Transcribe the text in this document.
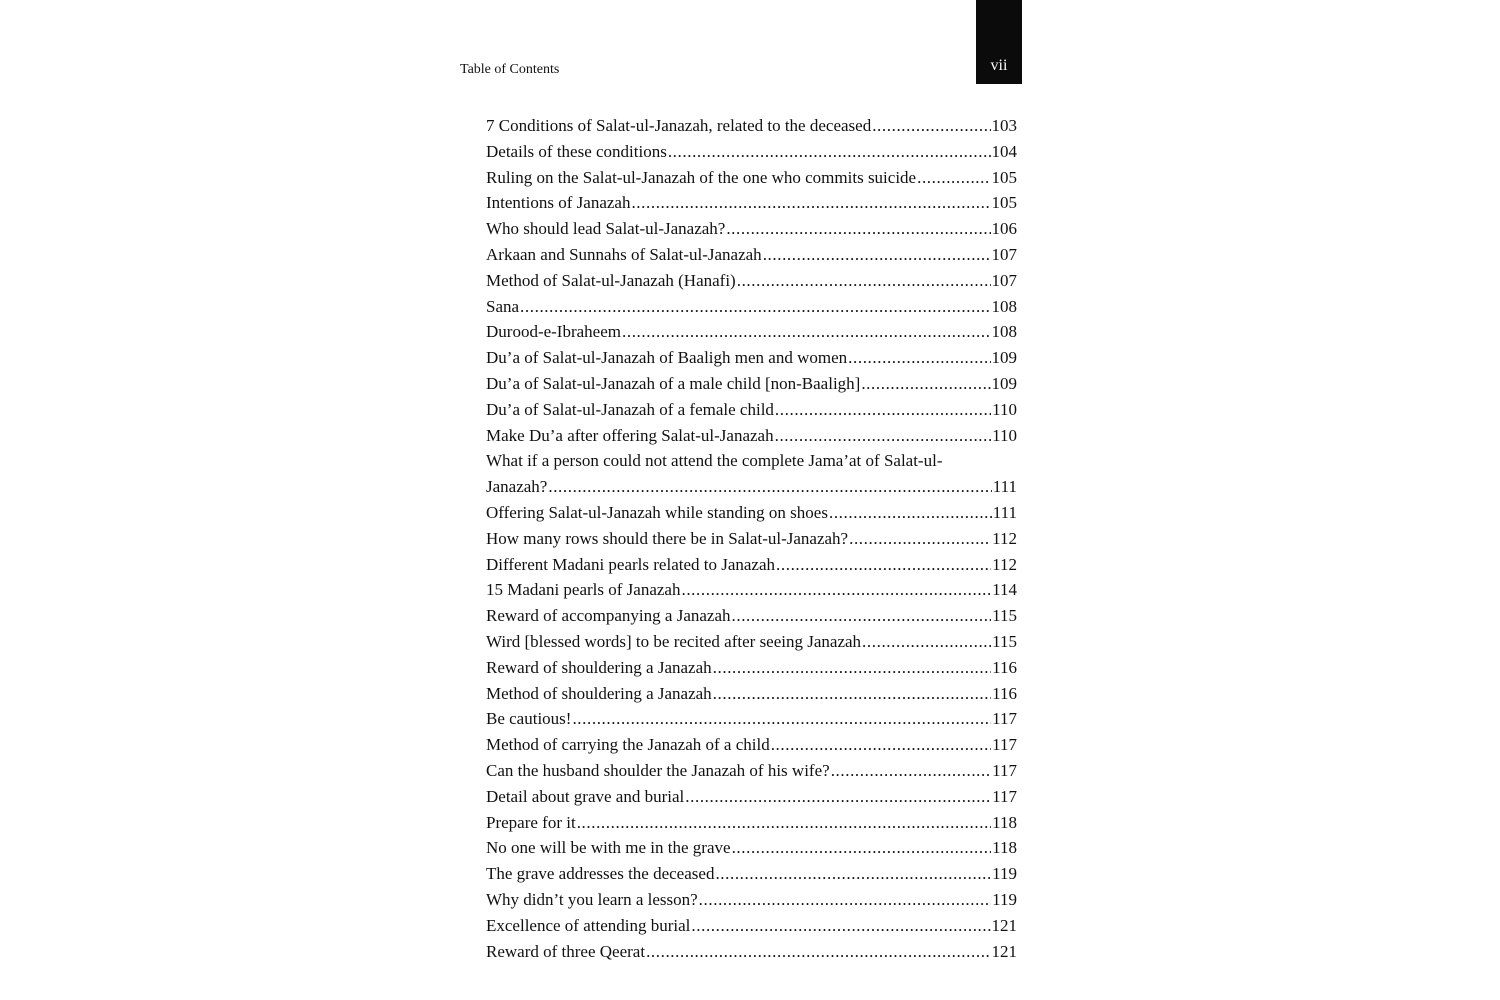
Table of Contents	vii
7 Conditions of Salat-ul-Janazah, related to the deceased .....	103
Details of these conditions .....	104
Ruling on the Salat-ul-Janazah of the one who commits suicide .....	105
Intentions of Janazah .....	105
Who should lead Salat-ul-Janazah? .....	106
Arkaan and Sunnahs of Salat-ul-Janazah .....	107
Method of Salat-ul-Janazah (Hanafi) .....	107
Sana .....	108
Durood-e-Ibraheem .....	108
Du’a of Salat-ul-Janazah of Baaligh men and women .....	109
Du’a of Salat-ul-Janazah of a male child [non-Baaligh] .....	109
Du’a of Salat-ul-Janazah of a female child .....	110
Make Du’a after offering Salat-ul-Janazah .....	110
What if a person could not attend the complete Jama’at of Salat-ul-
Janazah? .....	111
Offering Salat-ul-Janazah while standing on shoes .....	111
How many rows should there be in Salat-ul-Janazah? .....	112
Different Madani pearls related to Janazah .....	112
15 Madani pearls of Janazah .....	114
Reward of accompanying a Janazah .....	115
Wird [blessed words] to be recited after seeing Janazah .....	115
Reward of shouldering a Janazah .....	116
Method of shouldering a Janazah .....	116
Be cautious! .....	117
Method of carrying the Janazah of a child .....	117
Can the husband shoulder the Janazah of his wife? .....	117
Detail about grave and burial .....	117
Prepare for it .....	118
No one will be with me in the grave .....	118
The grave addresses the deceased .....	119
Why didn’t you learn a lesson? .....	119
Excellence of attending burial .....	121
Reward of three Qeerat .....	121
